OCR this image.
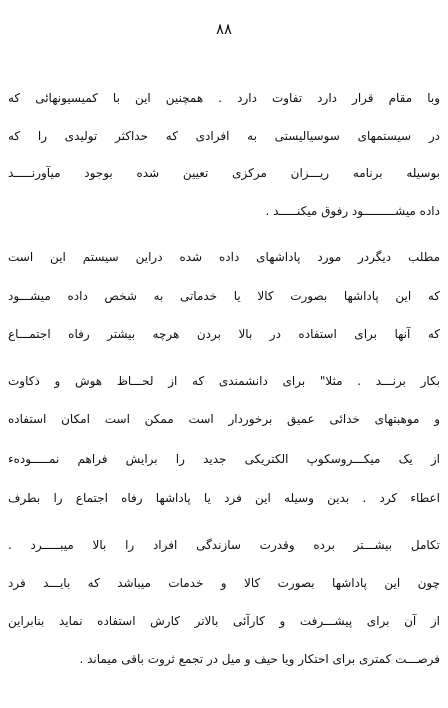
۸۸
وبا مقام قرار دارد تفاوت دارد . همچنین این با کمیسیونهائی که
در سیستمهای سوسیالیستی به افرادی که حداکثر تولیدی را که
بوسیله برنامه ریـــزان مرکزی تعیین شده بوجود میآورنـــــد
داده میشـــــــــود رفوق میکنـــــد .
مطلب دیگردر مورد پاداشهای داده شده دراین سیستم این است
که این پاداشها بصورت کالا یا خدماتی به شخص داده میشـــود
که آنها برای استفاده در بالا بردن هرچه بیشتر رفاه اجتمـــاع
بکار برنـــد . مثلا" برای دانشمندی که از لحـــاظ هوش و ذکاوت
و موهبتهای خدائی عمیق برخوردار است ممکن است امکان استفاده
از یک میکـــروسکوپ الکتریکی جدید را برایش فراهم نمـــــودهء
اعطاء کرد . بدین وسیله این فرد یا پاداشها رفاه اجتماع را بطرف
تکامل بیشـــتر برده وقدرت سازندگی افراد را بالا میبـــــرد .
چون این پاداشها بصورت کالا و خدمات میباشد که بایـــد فرد
از آن برای پیشـــرفت و کارآئی بالاتر کارش استفاده نماید بنابراین
فرصـــت کمتری برای احتکار ویا حیف و میل در تجمع ثروت باقی میماند .
